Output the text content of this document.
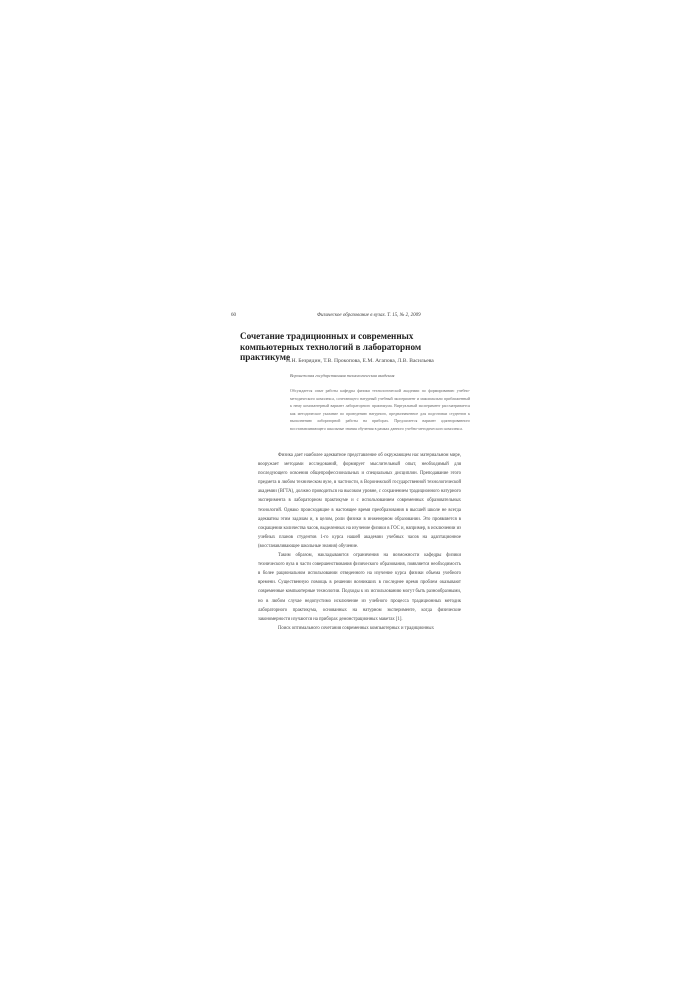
60	Физическое образование в вузах. Т. 15, № 2, 2009
Сочетание традиционных и современных
компьютерных технологий в лабораторном практикуме
Н.Н. Безрядин, Т.В. Прокопова, Е.М. Агапова, Л.В. Васильева
Воронежская государственная технологическая академия

Обсуждается опыт работы кафедры физики технологической академии по формированию учебно-методического комплекса, сочетающего натурный учебный эксперимент и максимально приближенный к нему компьютерный вариант лабораторного практикума. Виртуальный эксперимент рассматривается как методическое указание по проведению натурного, предназначенное для подготовки студентов к выполнению лабораторной работы на приборах. Предлагается вариант адаптированного восстанавливающего школьные знания обучения в рамках данного учебно-методического комплекса.

Физика дает наиболее адекватное представление об окружающем нас материальном мире, вооружает методами исследований, формирует мыслительный опыт, необходимый для последующего освоения общепрофессиональных и специальных дисциплин. Преподавание этого предмета в любом техническом вузе, в частности, в Воронежской государственной технологической академии (ВГТА), должно проводиться на высоком уровне, с сохранением традиционного натурного эксперимента в лабораторном практикуме и с использованием современных образовательных технологий. Однако происходящие в настоящее время преобразования в высшей школе не всегда адекватны этим задачам и, в целом, роли физики в инженерном образовании. Это проявляется в сокращении количества часов, выделенных на изучение физики в ГОС и, например, в исключении из учебных планов студентов 1-го курса нашей академии учебных часов на адаптационное (восстанавливающее школьные знания) обучение.

Таким образом, накладываются ограничения на возможности кафедры физики технического вуза в части совершенствования физического образования, появляется необходимость в более рациональном использовании отведенного на изучение курса физики объема учебного времени. Существенную помощь в решении возникших в последнее время проблем оказывают современные компьютерные технологии. Подходы к их использованию могут быть разнообразными, но в любом случае недопустимо исключение из учебного процесса традиционных методик лабораторного практикума, основанных на натурном эксперименте, когда физические закономерности изучаются на приборах демонстрационных макетах [1].

Поиск оптимального сочетания современных компьютерных и традиционных
